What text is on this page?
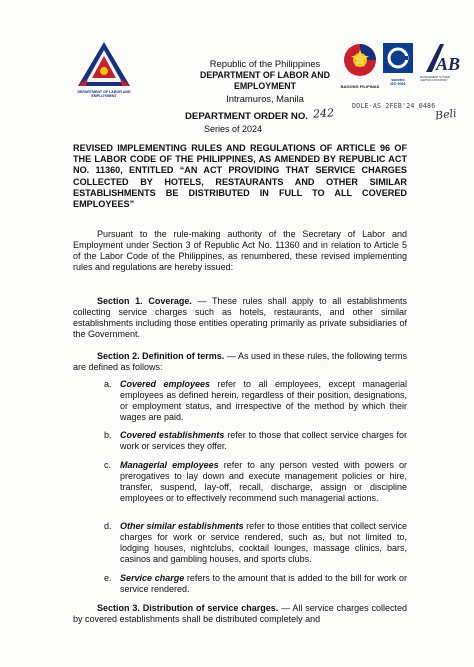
DEPARTMENT OF LABOR AND EMPLOYMENT
Republic of the Philippines
DEPARTMENT OF LABOR AND EMPLOYMENT
Intramuros, Manila
BAGONG PILIPINAS
socotec
ISO 9001
AB
MANAGEMENT SYSTEM CERTIFICATION BODY
DOLE-AS 2FEB'24 0486
Beli
DEPARTMENT ORDER NO. 242
Series of 2024
REVISED IMPLEMENTING RULES AND REGULATIONS OF ARTICLE 96 OF THE LABOR CODE OF THE PHILIPPINES, AS AMENDED BY REPUBLIC ACT NO. 11360, ENTITLED “AN ACT PROVIDING THAT SERVICE CHARGES COLLECTED BY HOTELS, RESTAURANTS AND OTHER SIMILAR ESTABLISHMENTS BE DISTRIBUTED IN FULL TO ALL COVERED EMPLOYEES”
Pursuant to the rule-making authority of the Secretary of Labor and Employment under Section 3 of Republic Act No. 11360 and in relation to Article 5 of the Labor Code of the Philippines, as renumbered, these revised implementing rules and regulations are hereby issued:
Section 1. Coverage. — These rules shall apply to all establishments collecting service charges such as hotels, restaurants, and other similar establishments including those entities operating primarily as private subsidiaries of the Government.
Section 2. Definition of terms. — As used in these rules, the following terms are defined as follows:
a. Covered employees refer to all employees, except managerial employees as defined herein, regardless of their position, designations, or employment status, and irrespective of the method by which their wages are paid.
b. Covered establishments refer to those that collect service charges for work or services they offer.
c. Managerial employees refer to any person vested with powers or prerogatives to lay down and execute management policies or hire, transfer, suspend, lay-off, recall, discharge, assign or discipline employees or to effectively recommend such managerial actions.
d. Other similar establishments refer to those entities that collect service charges for work or service rendered, such as, but not limited to, lodging houses, nightclubs, cocktail lounges, massage clinics, bars, casinos and gambling houses, and sports clubs.
e. Service charge refers to the amount that is added to the bill for work or service rendered.
Section 3. Distribution of service charges. — All service charges collected by covered establishments shall be distributed completely and
